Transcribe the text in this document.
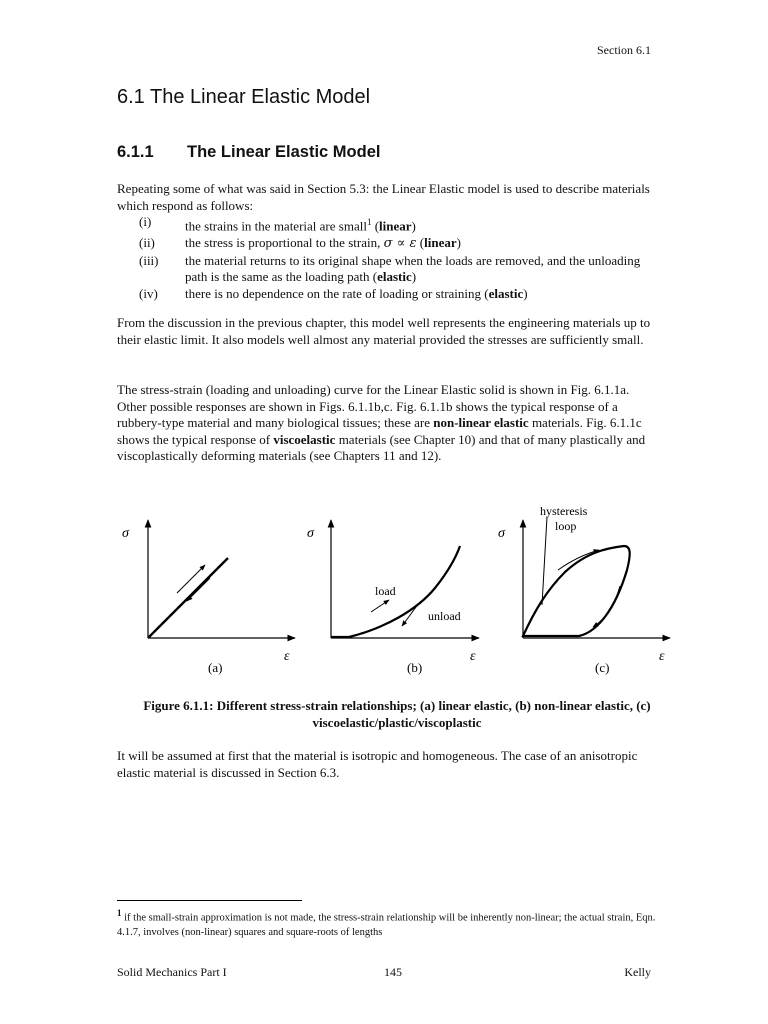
Section 6.1
6.1 The Linear Elastic Model
6.1.1 The Linear Elastic Model

Repeating some of what was said in Section 5.3: the Linear Elastic model is used to describe materials which respond as follows:

(i)	the strains in the material are small$^1$ (linear)
(ii)	the stress is proportional to the strain, σ ∝ ε (linear)
(iii)	the material returns to its original shape when the loads are removed, and the unloading path is the same as the loading path (elastic)
(iv)	there is no dependence on the rate of loading or straining (elastic)

From the discussion in the previous chapter, this model well represents the engineering materials up to their elastic limit. It also models well almost any material provided the stresses are sufficiently small.

The stress-strain (loading and unloading) curve for the Linear Elastic solid is shown in Fig. 6.1.1a. Other possible responses are shown in Figs. 6.1.1b,c. Fig. 6.1.1b shows the typical response of a rubbery-type material and many biological tissues; these are non-linear elastic materials. Fig. 6.1.1c shows the typical response of viscoelastic materials (see Chapter 10) and that of many plastically and viscoplastically deforming materials (see Chapters 11 and 12).

σ
ε
(a)
σ
ε
load
unload
(b)
σ
ε
hysteresis
loop
(c)
Figure 6.1.1: Different stress-strain relationships; (a) linear elastic, (b) non-linear elastic, (c) viscoelastic/plastic/viscoplastic

It will be assumed at first that the material is isotropic and homogeneous. The case of an anisotropic elastic material is discussed in Section 6.3.

$^1$ if the small-strain approximation is not made, the stress-strain relationship will be inherently non-linear; the actual strain, Eqn. 4.1.7, involves (non-linear) squares and square-roots of lengths
Solid Mechanics Part I	145	Kelly
